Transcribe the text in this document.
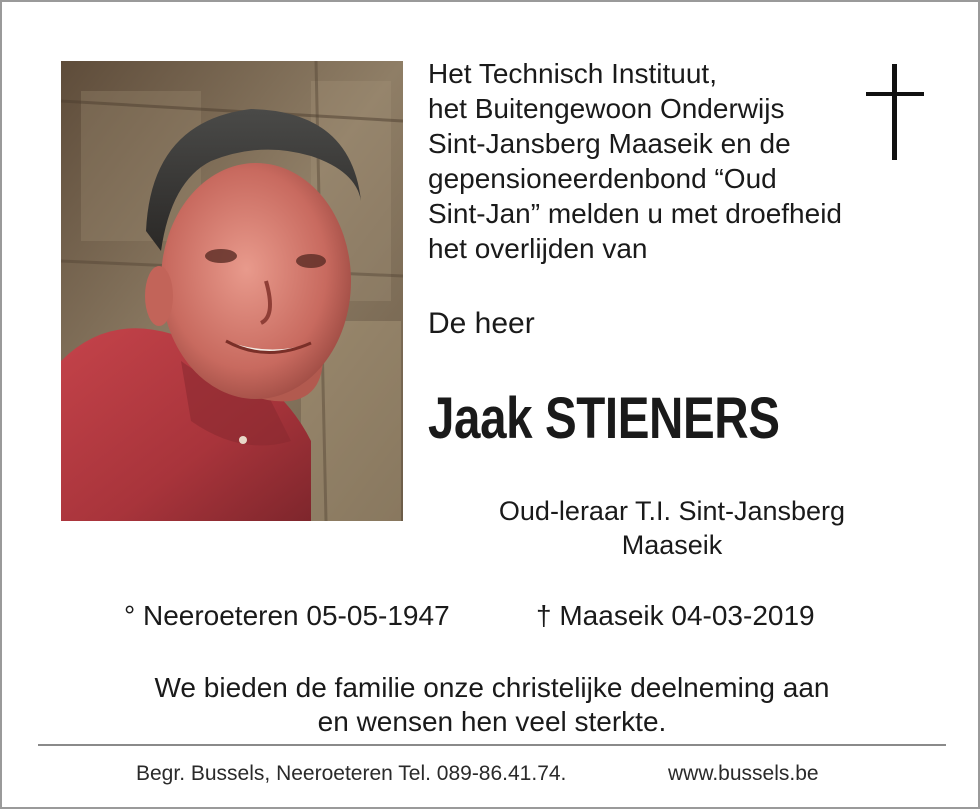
Het Technisch Instituut,
het Buitengewoon Onderwijs
Sint-Jansberg Maaseik en de
gepensioneerdenbond “Oud
Sint-Jan” melden u met droefheid
het overlijden van

De heer

Jaak STIENERS

Oud-leraar T.I. Sint-Jansberg
Maaseik
° Neeroeteren 05-05-1947	† Maaseik 04-03-2019
We bieden de familie onze christelijke deelneming aan
en wensen hen veel sterkte.
Begr. Bussels, Neeroeteren Tel. 089-86.41.74.	www.bussels.be
